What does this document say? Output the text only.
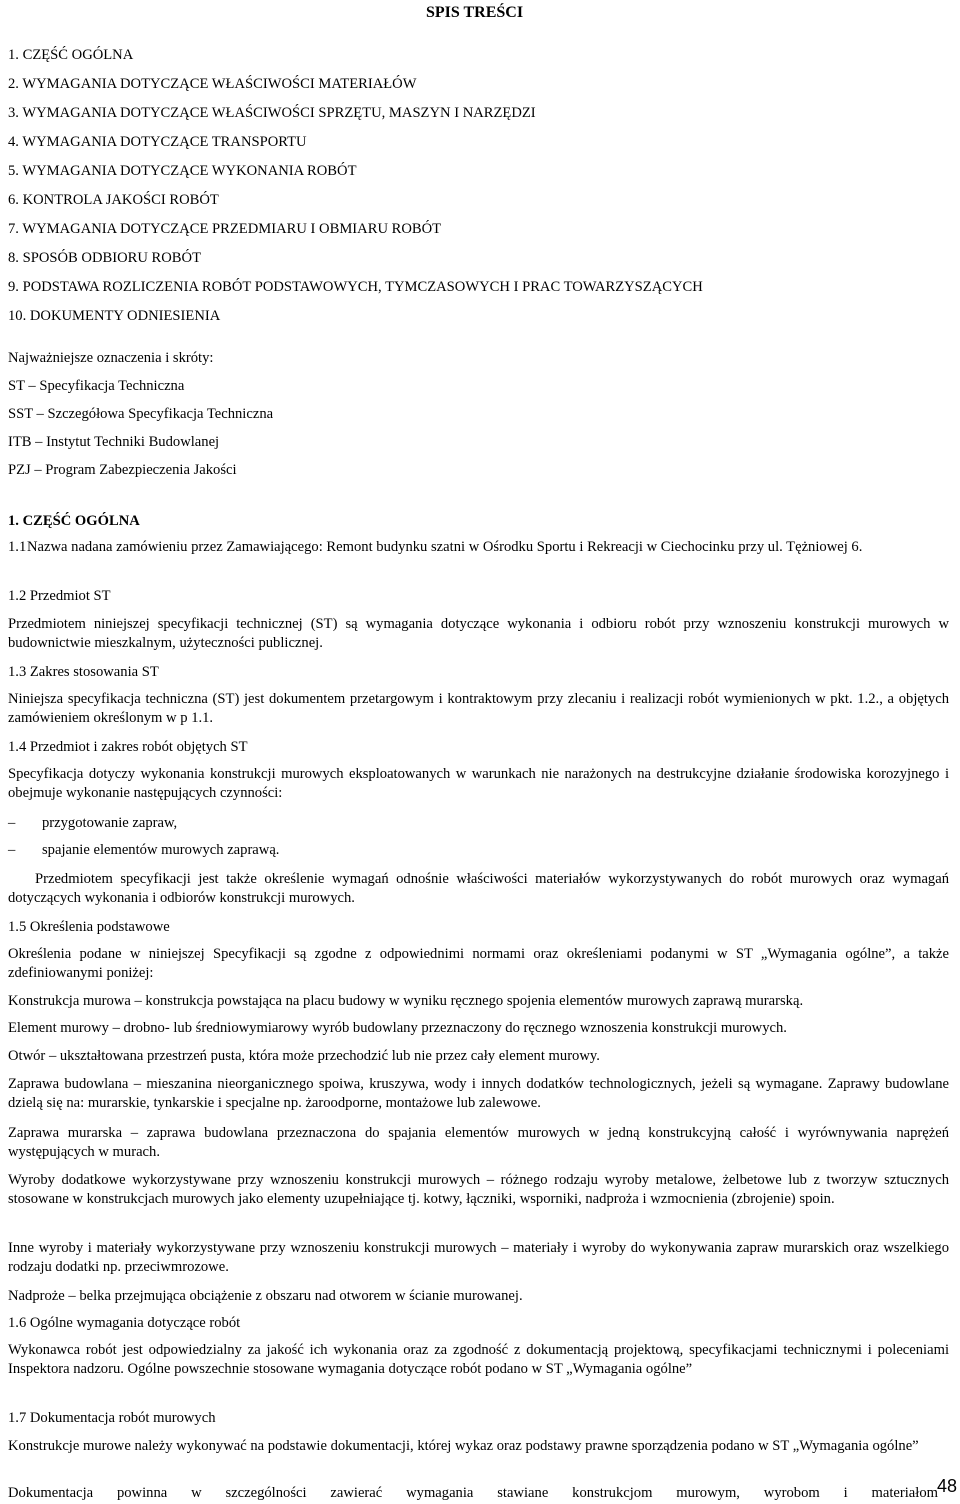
SPIS TREŚCI
1. CZĘŚĆ OGÓLNA
2. WYMAGANIA DOTYCZĄCE WŁAŚCIWOŚCI MATERIAŁÓW
3. WYMAGANIA DOTYCZĄCE WŁAŚCIWOŚCI SPRZĘTU, MASZYN I NARZĘDZI
4. WYMAGANIA DOTYCZĄCE TRANSPORTU
5. WYMAGANIA DOTYCZĄCE WYKONANIA ROBÓT
6. KONTROLA JAKOŚCI ROBÓT
7. WYMAGANIA DOTYCZĄCE PRZEDMIARU I OBMIARU ROBÓT
8. SPOSÓB ODBIORU ROBÓT
9. PODSTAWA ROZLICZENIA ROBÓT PODSTAWOWYCH, TYMCZASOWYCH I PRAC TOWARZYSZĄCYCH
10. DOKUMENTY ODNIESIENIA
Najważniejsze oznaczenia i skróty:
ST – Specyfikacja Techniczna
SST – Szczegółowa Specyfikacja Techniczna
ITB – Instytut Techniki Budowlanej
PZJ – Program Zabezpieczenia Jakości
1. CZĘŚĆ OGÓLNA
1.1 Nazwa nadana zamówieniu przez Zamawiającego: Remont budynku szatni w Ośrodku Sportu i Rekreacji w Ciechocinku przy ul. Tężniowej 6.
1.2 Przedmiot ST
Przedmiotem niniejszej specyfikacji technicznej (ST) są wymagania dotyczące wykonania i odbioru robót przy wznoszeniu konstrukcji murowych w budownictwie mieszkalnym, użyteczności publicznej.
1.3 Zakres stosowania ST
Niniejsza specyfikacja techniczna (ST) jest dokumentem przetargowym i kontraktowym przy zlecaniu i realizacji robót wymienionych w pkt. 1.2., a objętych zamówieniem określonym w p 1.1.
1.4 Przedmiot i zakres robót objętych ST
Specyfikacja dotyczy wykonania konstrukcji murowych eksploatowanych w warunkach nie narażonych na destrukcyjne działanie środowiska korozyjnego i obejmuje wykonanie następujących czynności:
– przygotowanie zapraw,
– spajanie elementów murowych zaprawą.
Przedmiotem specyfikacji jest także określenie wymagań odnośnie właściwości materiałów wykorzystywanych do robót murowych oraz wymagań dotyczących wykonania i odbiorów konstrukcji murowych.
1.5 Określenia podstawowe
Określenia podane w niniejszej Specyfikacji są zgodne z odpowiednimi normami oraz określeniami podanymi w ST „Wymagania ogólne”, a także zdefiniowanymi poniżej:
Konstrukcja murowa – konstrukcja powstająca na placu budowy w wyniku ręcznego spojenia elementów murowych zaprawą murarską.
Element murowy – drobno- lub średniowymiarowy wyrób budowlany przeznaczony do ręcznego wznoszenia konstrukcji murowych.
Otwór – ukształtowana przestrzeń pusta, która może przechodzić lub nie przez cały element murowy.
Zaprawa budowlana – mieszanina nieorganicznego spoiwa, kruszywa, wody i innych dodatków technologicznych, jeżeli są wymagane. Zaprawy budowlane dzielą się na: murarskie, tynkarskie i specjalne np. żaroodporne, montażowe lub zalewowe.
Zaprawa murarska – zaprawa budowlana przeznaczona do spajania elementów murowych w jedną konstrukcyjną całość i wyrównywania naprężeń występujących w murach.
Wyroby dodatkowe wykorzystywane przy wznoszeniu konstrukcji murowych – różnego rodzaju wyroby metalowe, żelbetowe lub z tworzyw sztucznych stosowane w konstrukcjach murowych jako elementy uzupełniające tj. kotwy, łączniki, wsporniki, nadproża i wzmocnienia (zbrojenie) spoin.
Inne wyroby i materiały wykorzystywane przy wznoszeniu konstrukcji murowych – materiały i wyroby do wykonywania zapraw murarskich oraz wszelkiego rodzaju dodatki np. przeciwmrozowe.
Nadproże – belka przejmująca obciążenie z obszaru nad otworem w ścianie murowanej.
1.6 Ogólne wymagania dotyczące robót
Wykonawca robót jest odpowiedzialny za jakość ich wykonania oraz za zgodność z dokumentacją projektową, specyfikacjami technicznymi i poleceniami Inspektora nadzoru. Ogólne powszechnie stosowane wymagania dotyczące robót podano w ST „Wymagania ogólne”
1.7 Dokumentacja robót murowych
Konstrukcje murowe należy wykonywać na podstawie dokumentacji, której wykaz oraz podstawy prawne sporządzenia podano w ST „Wymagania ogólne”
Dokumentacja powinna w szczególności zawierać wymagania stawiane konstrukcjom murowym, wyrobom i materiałom 48
